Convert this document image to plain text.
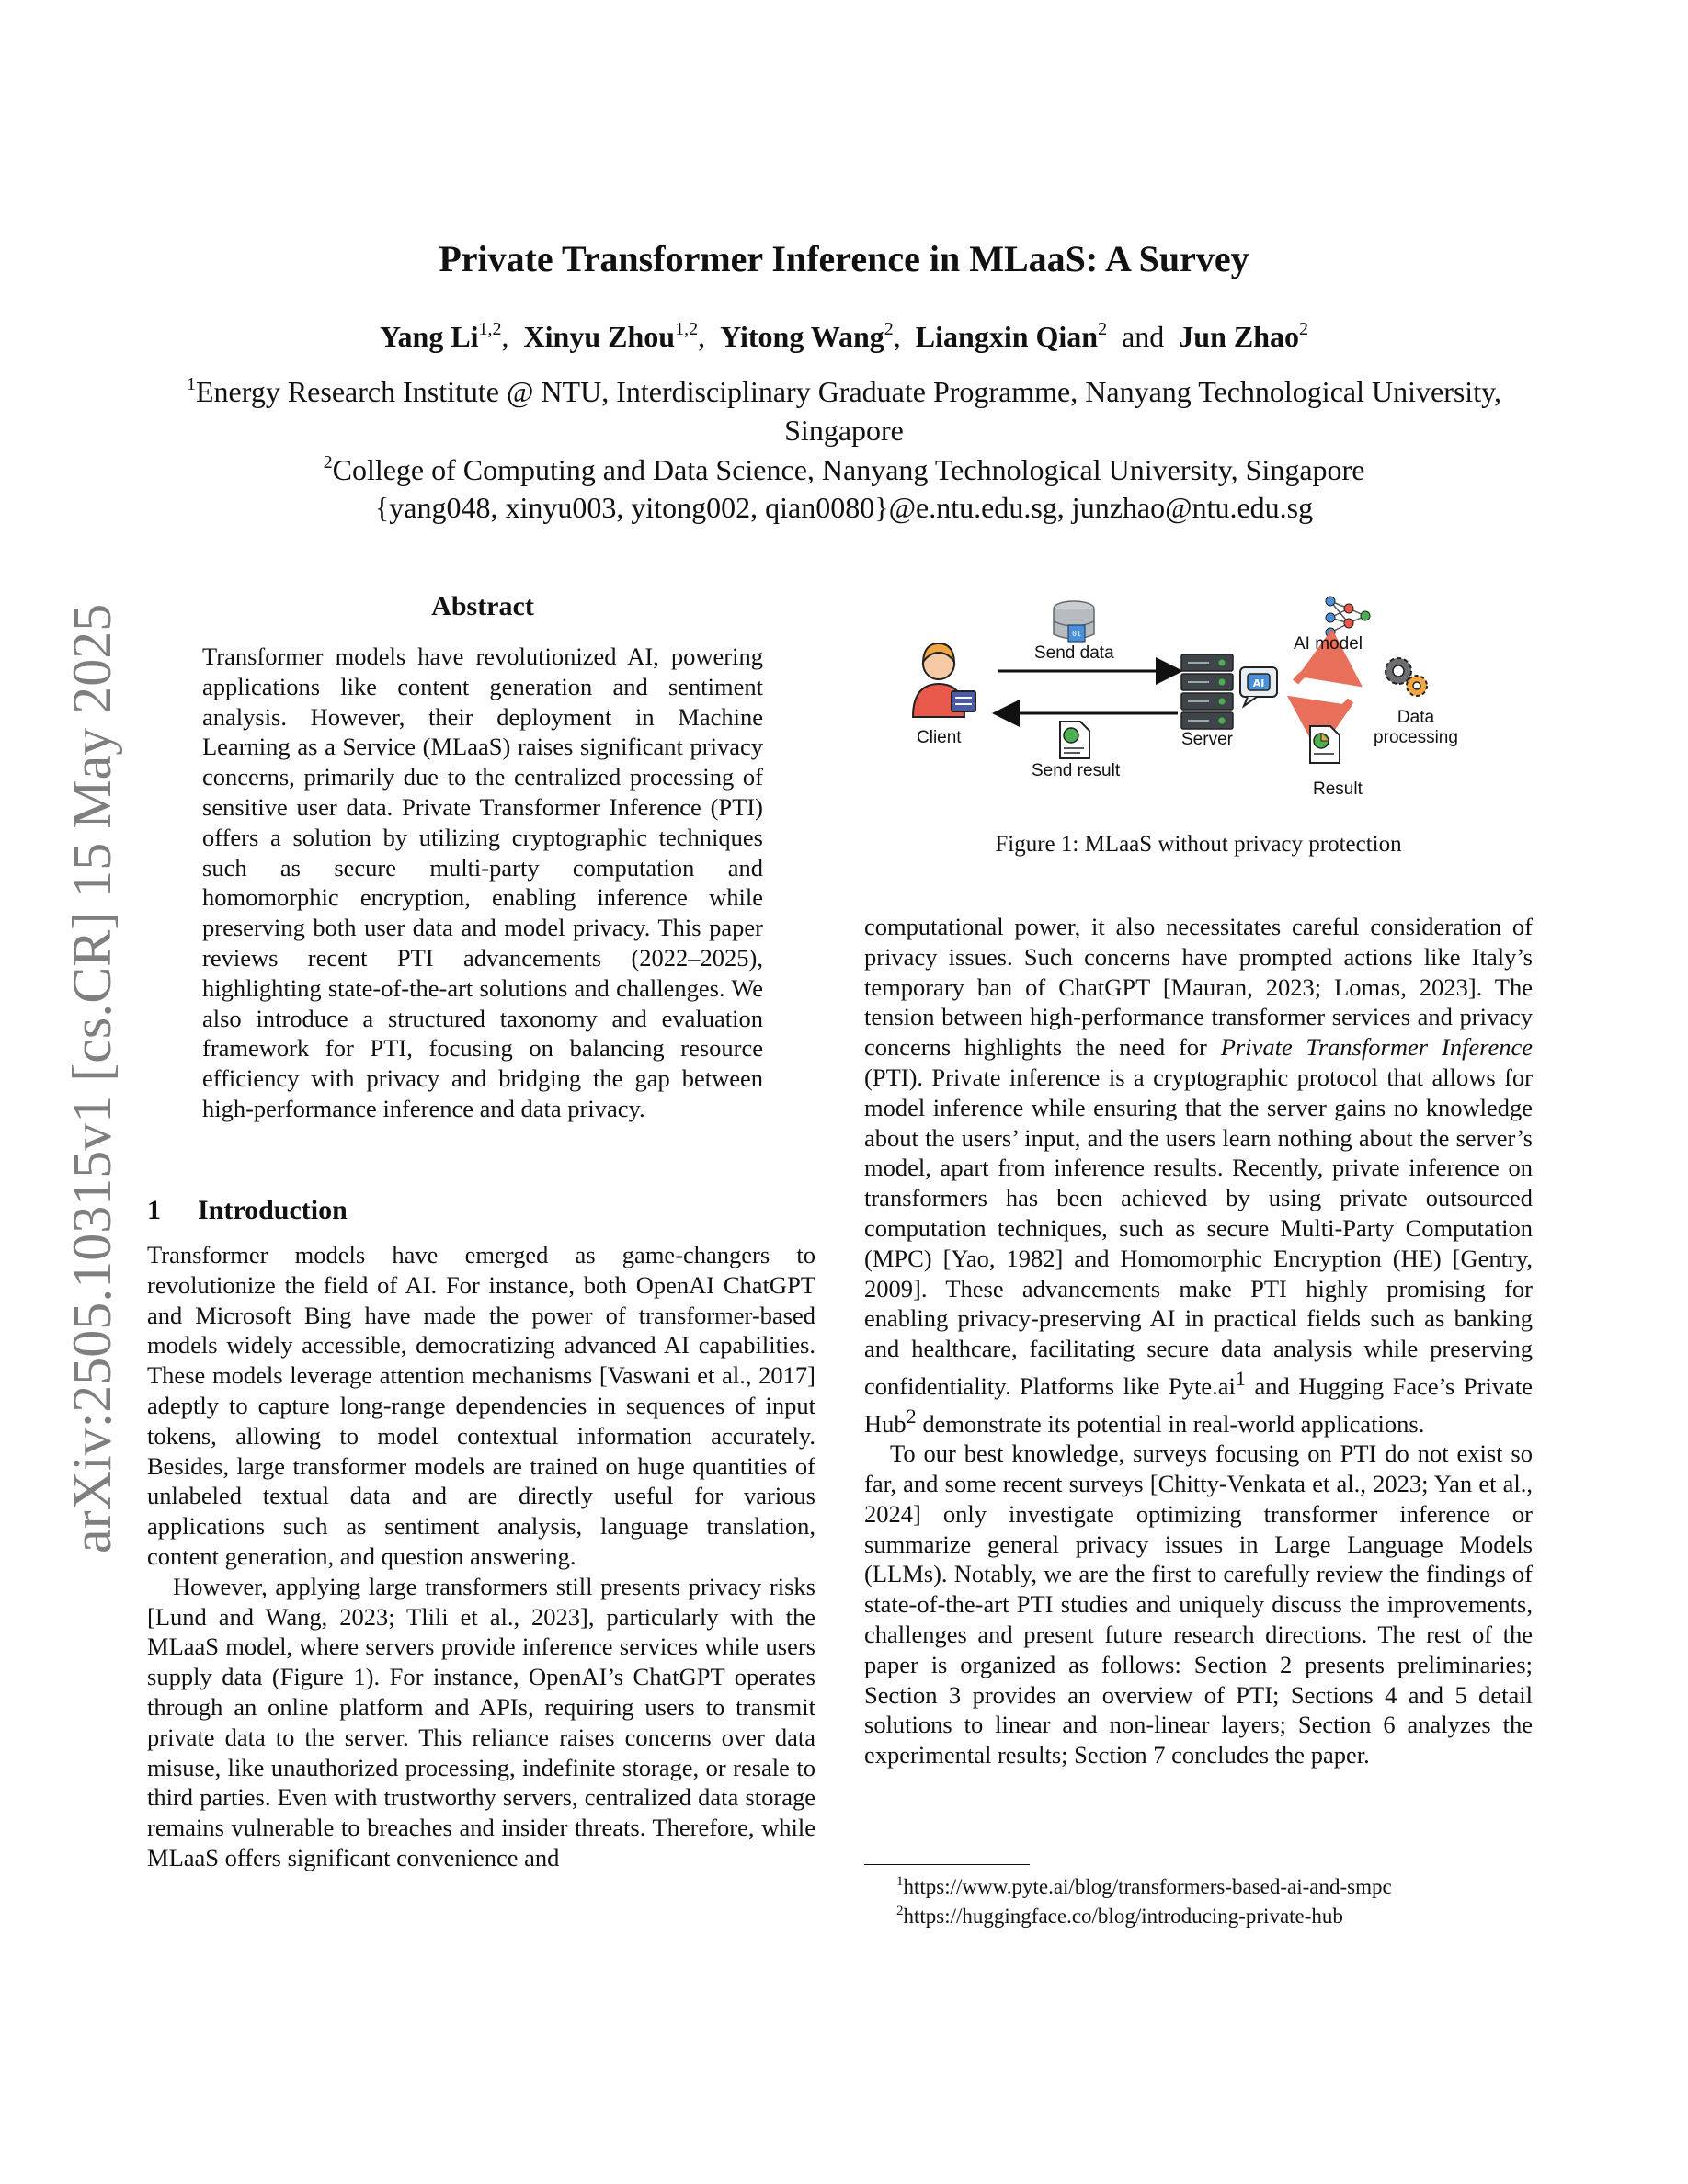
arXiv:2505.10315v1 [cs.CR] 15 May 2025
Private Transformer Inference in MLaaS: A Survey
Yang Li$^{1,2}$, Xinyu Zhou$^{1,2}$, Yitong Wang$^2$, Liangxin Qian$^2$ and Jun Zhao$^2$
$^1$Energy Research Institute @ NTU, Interdisciplinary Graduate Programme, Nanyang Technological University, Singapore
$^2$College of Computing and Data Science, Nanyang Technological University, Singapore
{yang048, xinyu003, yitong002, qian0080}@e.ntu.edu.sg, junzhao@ntu.edu.sg
Abstract
Transformer models have revolutionized AI, powering applications like content generation and sentiment analysis. However, their deployment in Machine Learning as a Service (MLaaS) raises significant privacy concerns, primarily due to the centralized processing of sensitive user data. Private Transformer Inference (PTI) offers a solution by utilizing cryptographic techniques such as secure multi-party computation and homomorphic encryption, enabling inference while preserving both user data and model privacy. This paper reviews recent PTI advancements (2022–2025), highlighting state-of-the-art solutions and challenges. We also introduce a structured taxonomy and evaluation framework for PTI, focusing on balancing resource efficiency with privacy and bridging the gap between high-performance inference and data privacy.
1 Introduction

Transformer models have emerged as game-changers to revolutionize the field of AI. For instance, both OpenAI ChatGPT and Microsoft Bing have made the power of transformer-based models widely accessible, democratizing advanced AI capabilities. These models leverage attention mechanisms [Vaswani et al., 2017] adeptly to capture long-range dependencies in sequences of input tokens, allowing to model contextual information accurately. Besides, large transformer models are trained on huge quantities of unlabeled textual data and are directly useful for various applications such as sentiment analysis, language translation, content generation, and question answering.

However, applying large transformers still presents privacy risks [Lund and Wang, 2023; Tlili et al., 2023], particularly with the MLaaS model, where servers provide inference services while users supply data (Figure 1). For instance, OpenAI’s ChatGPT operates through an online platform and APIs, requiring users to transmit private data to the server. This reliance raises concerns over data misuse, like unauthorized processing, indefinite storage, or resale to third parties. Even with trustworthy servers, centralized data storage remains vulnerable to breaches and insider threats. Therefore, while MLaaS offers significant convenience and

computational power, it also necessitates careful consideration of privacy issues. Such concerns have prompted actions like Italy’s temporary ban of ChatGPT [Mauran, 2023; Lomas, 2023]. The tension between high-performance transformer services and privacy concerns highlights the need for Private Transformer Inference (PTI). Private inference is a cryptographic protocol that allows for model inference while ensuring that the server gains no knowledge about the users’ input, and the users learn nothing about the server’s model, apart from inference results. Recently, private inference on transformers has been achieved by using private outsourced computation techniques, such as secure Multi-Party Computation (MPC) [Yao, 1982] and Homomorphic Encryption (HE) [Gentry, 2009]. These advancements make PTI highly promising for enabling privacy-preserving AI in practical fields such as banking and healthcare, facilitating secure data analysis while preserving confidentiality. Platforms like $Pyte.ai^1$ and Hugging Face’s Private Hub$^2$ demonstrate its potential in real-world applications.

To our best knowledge, surveys focusing on PTI do not exist so far, and some recent surveys [Chitty-Venkata et al., 2023; Yan et al., 2024] only investigate optimizing transformer inference or summarize general privacy issues in Large Language Models (LLMs). Notably, we are the first to carefully review the findings of state-of-the-art PTI studies and uniquely discuss the improvements, challenges and present future research directions. The rest of the paper is organized as follows: Section 2 presents preliminaries; Section 3 provides an overview of PTI; Sections 4 and 5 detail solutions to linear and non-linear layers; Section 6 analyzes the experimental results; Section 7 concludes the paper.

01
AI
Send data
Client
Send result
Server
AI model
Data processing
Result
Figure 1: MLaaS without privacy protection
$^1$https://www.pyte.ai/blog/transformers-based-ai-and-smpc
$^2$https://huggingface.co/blog/introducing-private-hub
